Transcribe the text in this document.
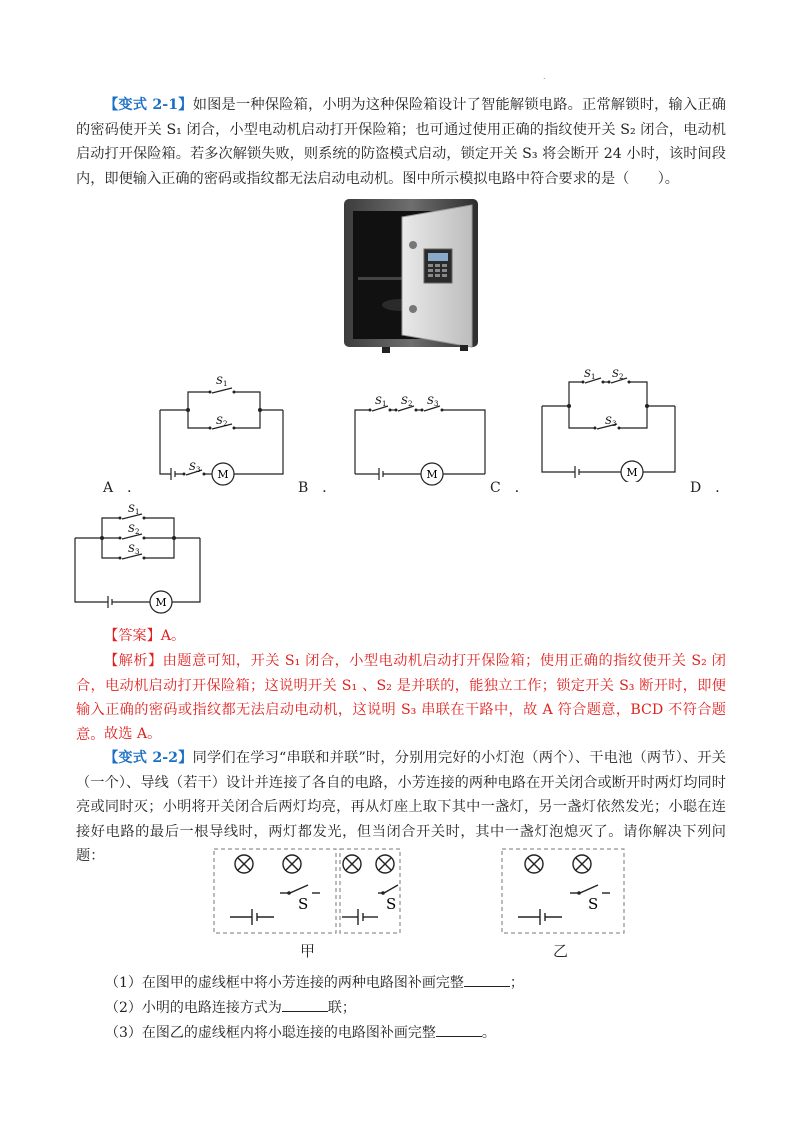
.
【变式 2-1】如图是一种保险箱，小明为这种保险箱设计了智能解锁电路。正常解锁时，输入正确的密码使开关 S₁ 闭合，小型电动机启动打开保险箱；也可通过使用正确的指纹使开关 S₂ 闭合，电动机启动打开保险箱。若多次解锁失败，则系统的防盗模式启动，锁定开关 S₃ 将会断开 24 小时，该时间段内，即便输入正确的密码或指纹都无法启动电动机。图中所示模拟电路中符合要求的是（　　）。
S 1
S 2
S 3 M
A　．
S 1 S 2 S 3
M
B　．
S 1 S 2
S 3
M
C　．	D　．
S 1
S 2
S 3
M
【答案】A。
【解析】由题意可知，开关 S₁ 闭合，小型电动机启动打开保险箱；使用正确的指纹使开关 S₂ 闭合，电动机启动打开保险箱；这说明开关 S₁ 、S₂ 是并联的，能独立工作；锁定开关 S₃ 断开时，即便输入正确的密码或指纹都无法启动电动机，这说明 S₃ 串联在干路中，故 A 符合题意，BCD 不符合题意。 故选 A。
【变式 2-2】同学们在学习“串联和并联”时，分别用完好的小灯泡（两个）、干电池（两节）、开关（一个）、导线（若干）设计并连接了各自的电路，小芳连接的两种电路在开关闭合或断开时两灯均同时亮或同时灭；小明将开关闭合后两灯均亮，再从灯座上取下其中一盏灯，另一盏灯依然发光；小聪在连接好电路的最后一根导线时，两灯都发光，但当闭合开关时，其中一盏灯泡熄灭了。请你解决下列问题：
S	S	S
甲	乙
（1）在图甲的虚线框中将小芳连接的两种电路图补画完整	；
（2）小明的电路连接方式为	联；
（3）在图乙的虚线框内将小聪连接的电路图补画完整	。
